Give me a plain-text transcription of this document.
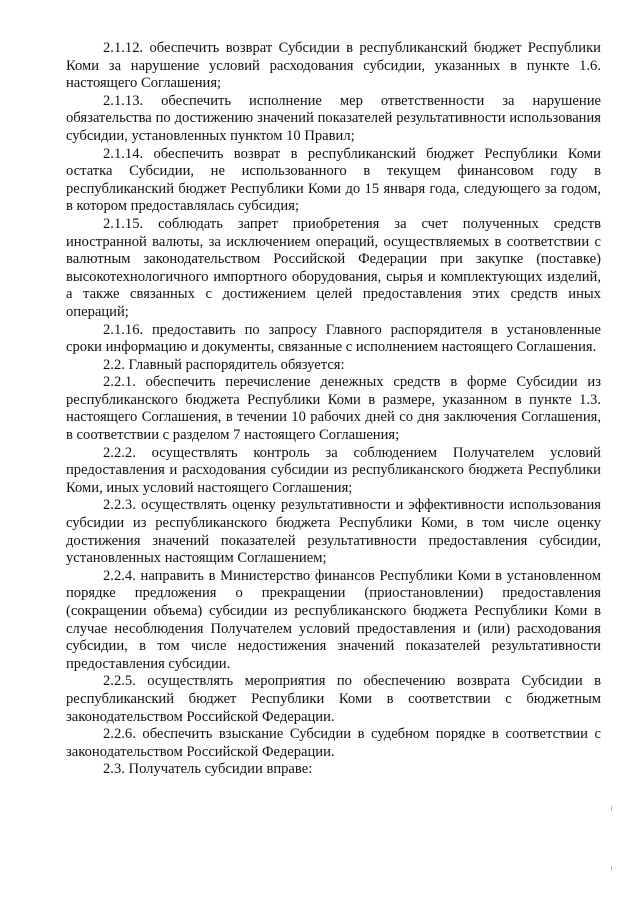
2.1.12. обеспечить возврат Субсидии в республиканский бюджет Республики Коми за нарушение условий расходования субсидии, указанных в пункте 1.6. настоящего Соглашения;

2.1.13. обеспечить исполнение мер ответственности за нарушение обязательства по достижению значений показателей результативности использования субсидии, установленных пунктом 10 Правил;

2.1.14. обеспечить возврат в республиканский бюджет Республики Коми остатка Субсидии, не использованного в текущем финансовом году в республиканский бюджет Республики Коми до 15 января года, следующего за годом, в котором предоставлялась субсидия;

2.1.15. соблюдать запрет приобретения за счет полученных средств иностранной валюты, за исключением операций, осуществляемых в соответствии с валютным законодательством Российской Федерации при закупке (поставке) высокотехнологичного импортного оборудования, сырья и комплектующих изделий, а также связанных с достижением целей предоставления этих средств иных операций;

2.1.16. предоставить по запросу Главного распорядителя в установленные сроки информацию и документы, связанные с исполнением настоящего Соглашения.

2.2. Главный распорядитель обязуется:

2.2.1. обеспечить перечисление денежных средств в форме Субсидии из республиканского бюджета Республики Коми в размере, указанном в пункте 1.3. настоящего Соглашения, в течении 10 рабочих дней со дня заключения Соглашения, в соответствии с разделом 7 настоящего Соглашения;

2.2.2. осуществлять контроль за соблюдением Получателем условий предоставления и расходования субсидии из республиканского бюджета Республики Коми, иных условий настоящего Соглашения;

2.2.3. осуществлять оценку результативности и эффективности использования субсидии из республиканского бюджета Республики Коми, в том числе оценку достижения значений показателей результативности предоставления субсидии, установленных настоящим Соглашением;

2.2.4. направить в Министерство финансов Республики Коми в установленном порядке предложения о прекращении (приостановлении) предоставления (сокращении объема) субсидии из республиканского бюджета Республики Коми в случае несоблюдения Получателем условий предоставления и (или) расходования субсидии, в том числе недостижения значений показателей результативности предоставления субсидии.

2.2.5. осуществлять мероприятия по обеспечению возврата Субсидии в республиканский бюджет Республики Коми в соответствии с бюджетным законодательством Российской Федерации.

2.2.6. обеспечить взыскание Субсидии в судебном порядке в соответствии с законодательством Российской Федерации.

2.3. Получатель субсидии вправе:
